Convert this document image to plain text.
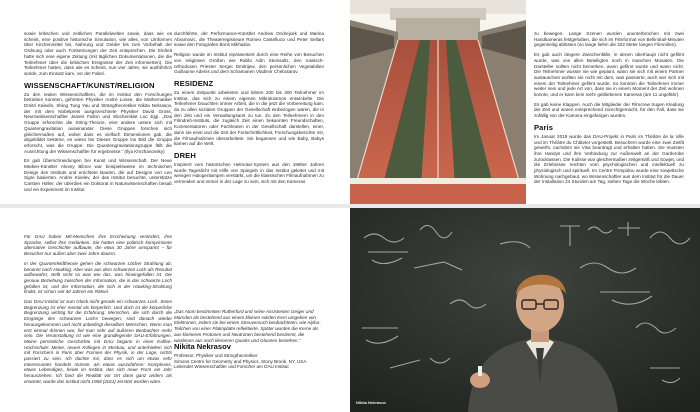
sowie kritischen und zeitlichen Parallelwelten sowie, dass wie es scheint, eine positive historische Simulation, wie alles, von Umformen über Kirchenmittel bis, Nahrung und Gelder bis zum Vorbehalt der Ordnung oder auch Fortsetzungen der Zeit entsprechen. Die Einheit hatte sich eine eigene Zeitung (mit täglichen Dokumentationen, die die Teilnehmer über die kritischen Ereignisse der Zeit informierten). Die Teilnehmer hatten, dass wie es scheint, nun vier Jahre, sie ausführlich würde, zum Einsatz kam, vor der Fabel.

WISSENSCHAFT/KUNST/RELIGION

Zu den realen Wissenschaftlern, die im Institut den Forschungen betrieben konnten, gehörten Physiker André Loose, die Mathematiker Dmitri Kaledin, Shing Tung Yau und Strängtheoretiker Nikita Nekrasov, der mit dem Nobelpreis ausgezeichnete Physiker David Gross, Neurowissenschaftler James Fallon und Slochenikist Luc Ejgi. „Das Gruppe erforschte die String-Theorie, eine andere untere sich mit Quantengravitation auseinander. Diese Gruppen forschen sich gleichermaßen auf, wobei dass es vielfach Dimensionen gab, die abgebildet bekäme, es wieso bis Dieses Gruppe ins Bild die Gruppe erforscht, was die Gruppe: Die Quantengravitationsgruppe fällt die Ausrichtung der Wissenschaftler für ergebnisse.“ (Ilya Khrzhanovsky)

Es gab Überschneidungen bei Kunst und Wissenschaft. Der Neue Medien-Künstler Alexey Blinov war beispielsweise im technischen Design des Instituts und errichtete Bauten, die auf Designs von Leo Sigre basierten. Andrei Kivelev, der das Institut besuchte, unterstütze Carsten Höller, der überdies ein Doktorat in Naturwissenschaften besaß und ein Experiment im Institut

durchführte, der Performance-Künstler Andrew Ondrejcek und Marina Abramovic, die Theaterregisseure Romeo Castellucci und Peter Sellars sowie den Fotografen Boris Mikhailov.

Religion wurde im Institut repräsentiert durch eine Reihe von Besuchen von religiösen Größen wie Rabbi Adin Steinsaltz, den russisch-orthodoxen Priester Sergei Dmitrijew, den persönlichen Vegetabilien Guillaume Adenis und dem Schamanen Vladimir Chebotarov.

RESIDENZ

Zu einem Zeitpunkt arbeiteten und lebten 200 bis 300 Teilnehmer im Institut, das sich zu einem eigenen Mikrokosmos entwickelte. Die Teilnehmer brauchten immer Arbeit, die in die jetzt die Vorbereitung kam, da zu allen sozialen Gruppen der Gesellschaft einbezogen waren, die in den Zeit und ein Verwaltungsamt zu tun. Zu den Teilnehmern in den Filmdreh-Instituts, die zugleich Zeit einen bekannten Freundschaften, Kommentatoren oder Fachleuten in der Gesellschaft darstellen, einer, dann sie einst und die Zeit der Fortschrittlichkeit, Forschungsberichte mit, die Filmaufnahmen überarbeitete. Sie begannen und wie Baby, Babys kamen auf die Welt.

DREH

Inspiriert vom historischen Helmotar-System aus den 1990er Jahren wurde Tageslicht mit Hilfe von Spiegeln in das Institut geleitet und mit wenigen Halogenlampen verstärkt, um die klassischen Filmaufnahmen zu vermeiden und immer in der Lage zu sein, sich mit den Kameras

zu bewegen. Lange Szenen wurden ununterbrochen mit zwei Handkameras festgehalten, die sich im Filmformat von Bellinitrail-Minuten gegenseitig ablösten (so lange liefen die 322 Meter langen Filmrollen).

Es gab auch längere Zwischenfälle, in denen überhaupt nicht gefilmt wurde, was von allen Beteiligten noch in manchen Monaten. Die Darsteller sollten nicht bemerken, wann gefilmt wurde und wann nicht. Die Teilnehmer wusste nie wie geplant, wann sie sich mit einem Partner austauschen wollten sie nicht mit dem, was passierte, auch wer sich mit einem der Teilnehmer gefilmt wurde. So konnten die Teilnehmer immer weiter sein und jede Art von, dass sie in einem Moment der Zeit wohnen konnte, und er kann kein mehr gebliebenen Kameras (am 11 ungefähr).

Es gab keine Klappen. Auch die Mitglieder der Filmcrew trugen Kleidung der Zeit und waren entsprechend zurechtgemacht, für den Fall, dass sie zufällig von der Kamera eingefangen wurden.

Paris

Im Januar 2019 wurde das DAU-Projekt in Paris im Théâtre de la Ville und im Théâtre du Châtelet vorgestellt. Besuchern wurde eine zwei Zeitfit geweiht, nachdem sie Visa beantragt und erhalten hatten. Sie mussten ihre Handys und ihre Verbindung zur Außenwelt an der Garderobe zurücklassen. Die Kulisse war gleichermaßen zeitgemäß und Sowjet, und die Erlebnisse reichten vom psychologischen und intellektuell zu physiologisch und spirituell. Im Centre Pompidou wurde eine sowjetische Wohnung nachgebaut, wo Wissenschaftler aus dem Institut für die Dauer der Installation 24 Stunden am Tag, sieben Tage die Woche lebten.

Für DAU haben Mit-Menschen ihre Erscheinung verändert, ihre Sprache, selbst ihre Gedanken. Sie hatten eine politisch komprimierte alternative Geschichte aufbaute, die etwa 30 Jahre umspannt – für Besucher nur außen aber zwei Jahre dauern.

In der Quantenfeldtheorie gehen die schwarzen Löcher Strahlung ab, benannt nach Hawking. Aber was aus dem schwarzen Loch als Resultat aufbewahrt, stellt nicht so was wie das, was hineingefallen ist. Die genaue Beziehung zwischen der Information, die in das schwarze Loch gefallen ist, und der Information, die sich in der Hawking-Strahlung findet, ist schon seit 40 Jahren ein Rätsel.

Das DAU-Institut ist zum Glück nicht gerade ein schwarzes Loch. Seine Begrenzung ist eher mental als körperlich. Und doch ist die körperliche Begrenzung wichtig für die Erfahrung: Menschen, die sich durch die Eingänge des schwarzen Lochs bewegen, sind danach wieder herausgekommen und nicht unbedingt dieselben Menschen. Wenn man erst einmal drinnen war, fiel man sehr auf äußeren Beobachter mehr sein. Die Veranstaltung ist wie eine grundlegende DAU-Erfahrungen. Meine persönliche Geschichte mit DAU begann in einer Kaffee-Hochschule: Meine, neuen Kollegen in Moskau, und unterhielten sich mit Forschern in Paris über Formen der Physik, in der Lage, nichts passiert zu sein. Ich dachte mir, dass es sich um etwas sehr Interessantes handeln müsste, als etwas auszuführen: Komplexes, etwas Lebendiges, heute im Institut, das sich neue Form ein Jahr herausziehen. Ich fand die Realität vor Ort dann ganz anders als erwartet, wurde das Institut nicht 1968 (2011) zerstört worden wäre.

„Das Atom bestimmten Rutherford und seine Assistenten Geiger und Marsden als bestehend aus einem kleinen soliden Kern umgeben von Elektronen, indem sie bei einem Streuversuch beobachteten, wie Alpha-Teilchen von einer Platinplatte reflektierte. Später wurden die Kerne als aus kleineren Protonen und Neutronen bestehend bestimmt, die wiederum aus noch kleineren Quarks und Gluonen bestehen.“
Nikita Nekrasov
Professor, Physiker und Stringtheoretiker
Simons Centre for Geometry and Physics, Stony Brook, NY, USA
Leitender Wissenschaftler und Forscher am DAU Institut
Nikita Nekrasov
